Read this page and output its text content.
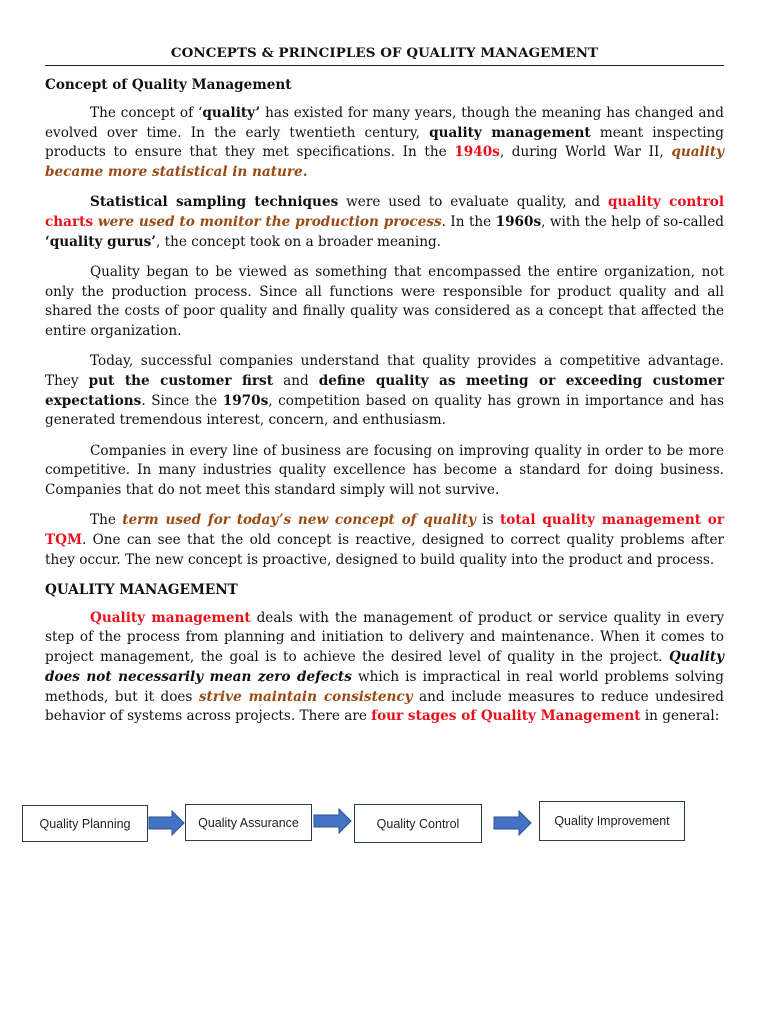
CONCEPTS & PRINCIPLES OF QUALITY MANAGEMENT
Concept of Quality Management

The concept of ‘quality’ has existed for many years, though the meaning has changed and evolved over time. In the early twentieth century, quality management meant inspecting products to ensure that they met specifications. In the 1940s, during World War II, quality became more statistical in nature.

Statistical sampling techniques were used to evaluate quality, and quality control charts were used to monitor the production process. In the 1960s, with the help of so-called ‘quality gurus’, the concept took on a broader meaning.

Quality began to be viewed as something that encompassed the entire organization, not only the production process. Since all functions were responsible for product quality and all shared the costs of poor quality and finally quality was considered as a concept that affected the entire organization.

Today, successful companies understand that quality provides a competitive advantage. They put the customer first and define quality as meeting or exceeding customer expectations. Since the 1970s, competition based on quality has grown in importance and has generated tremendous interest, concern, and enthusiasm.

Companies in every line of business are focusing on improving quality in order to be more competitive. In many industries quality excellence has become a standard for doing business. Companies that do not meet this standard simply will not survive.

The term used for today’s new concept of quality is total quality management or TQM. One can see that the old concept is reactive, designed to correct quality problems after they occur. The new concept is proactive, designed to build quality into the product and process.

QUALITY MANAGEMENT

Quality management deals with the management of product or service quality in every step of the process from planning and initiation to delivery and maintenance. When it comes to project management, the goal is to achieve the desired level of quality in the project. Quality does not necessarily mean zero defects which is impractical in real world problems solving methods, but it does strive maintain consistency and include measures to reduce undesired behavior of systems across projects. There are four stages of Quality Management in general:

Quality Planning	Quality Assurance	Quality Control	Quality Improvement
